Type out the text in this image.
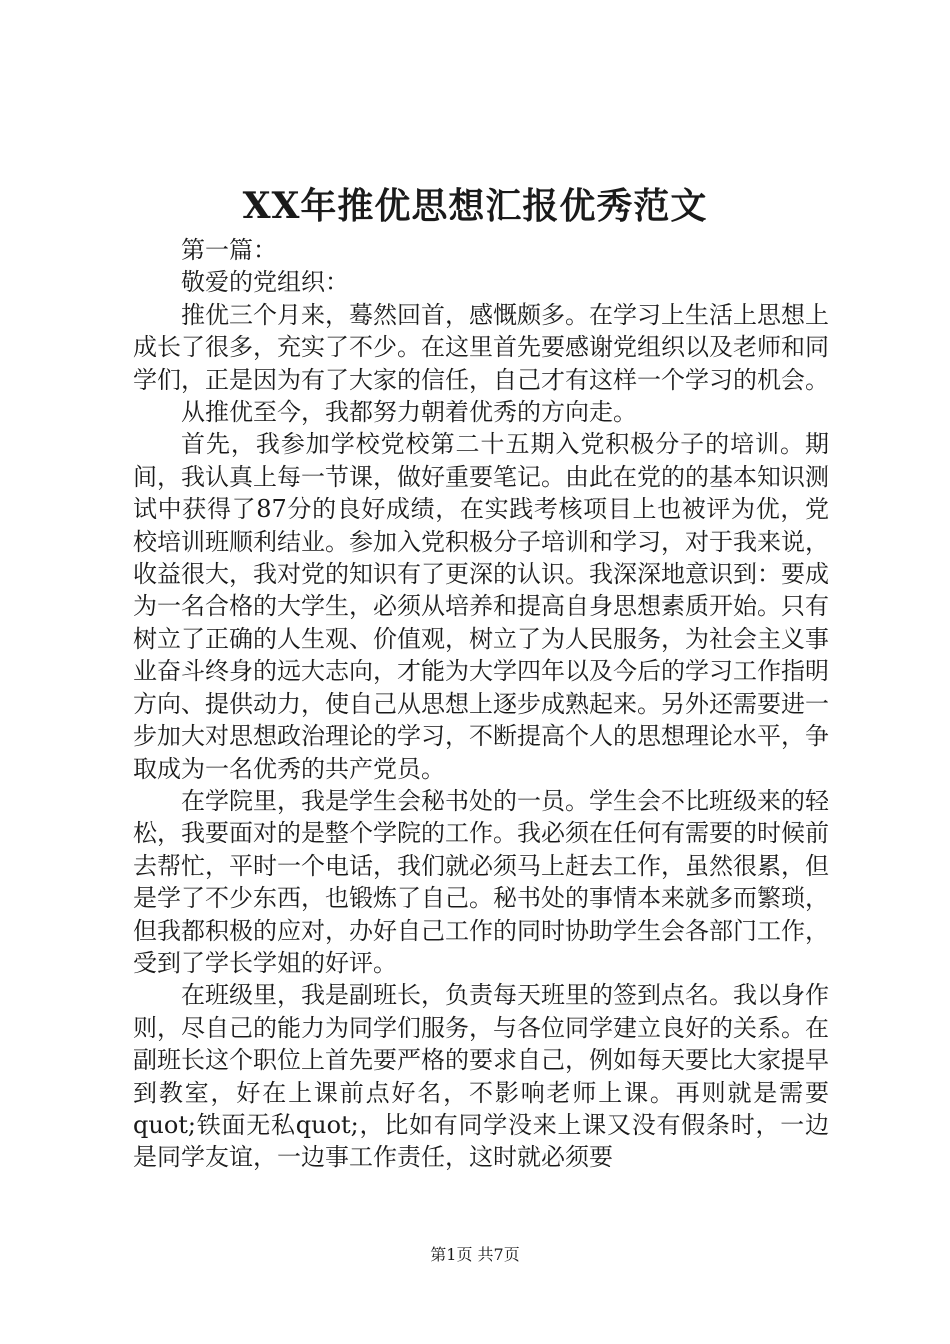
XX年推优思想汇报优秀范文

第一篇：

敬爱的党组织：

推优三个月来，蓦然回首，感慨颇多。在学习上生活上思想上成长了很多，充实了不少。在这里首先要感谢党组织以及老师和同学们，正是因为有了大家的信任，自己才有这样一个学习的机会。

从推优至今，我都努力朝着优秀的方向走。

首先，我参加学校党校第二十五期入党积极分子的培训。期间，我认真上每一节课，做好重要笔记。由此在党的的基本知识测试中获得了87分的良好成绩，在实践考核项目上也被评为优，党校培训班顺利结业。参加入党积极分子培训和学习，对于我来说，收益很大，我对党的知识有了更深的认识。我深深地意识到：要成为一名合格的大学生，必须从培养和提高自身思想素质开始。只有树立了正确的人生观、价值观，树立了为人民服务，为社会主义事业奋斗终身的远大志向，才能为大学四年以及今后的学习工作指明方向、提供动力，使自己从思想上逐步成熟起来。另外还需要进一步加大对思想政治理论的学习，不断提高个人的思想理论水平，争取成为一名优秀的共产党员。

在学院里，我是学生会秘书处的一员。学生会不比班级来的轻松，我要面对的是整个学院的工作。我必须在任何有需要的时候前去帮忙，平时一个电话，我们就必须马上赶去工作，虽然很累，但是学了不少东西，也锻炼了自己。秘书处的事情本来就多而繁琐，但我都积极的应对，办好自己工作的同时协助学生会各部门工作，受到了学长学姐的好评。

在班级里，我是副班长，负责每天班里的签到点名。我以身作则，尽自己的能力为同学们服务，与各位同学建立良好的关系。在副班长这个职位上首先要严格的要求自己，例如每天要比大家提早到教室，好在上课前点好名，不影响老师上课。再则就是需要quot;铁面无私quot;，比如有同学没来上课又没有假条时，一边是同学友谊，一边事工作责任，这时就必须要

第1页 共7页
